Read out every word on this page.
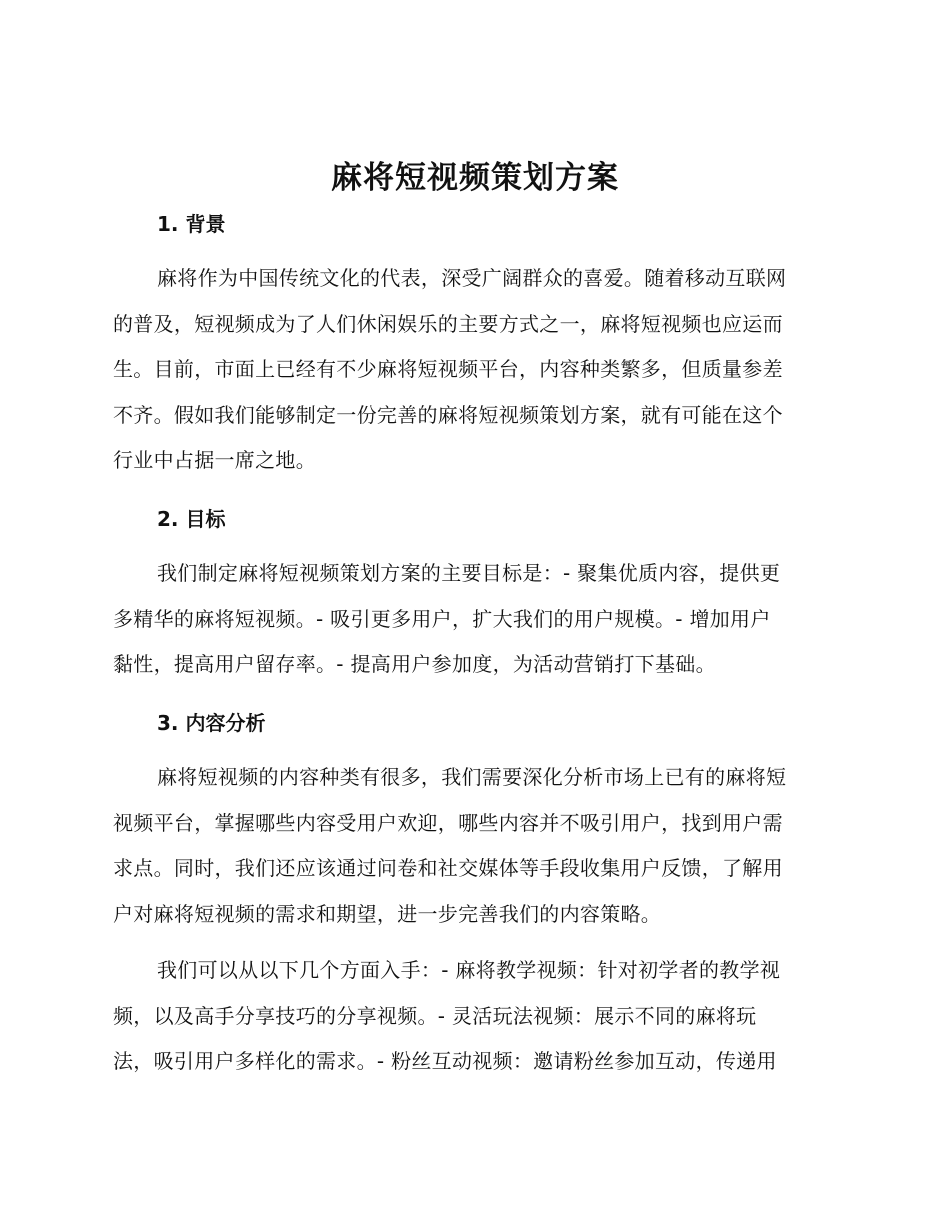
麻将短视频策划方案
1. 背景
麻将作为中国传统文化的代表，深受广阔群众的喜爱。随着移动互联网
的普及，短视频成为了人们休闲娱乐的主要方式之一，麻将短视频也应运而
生。目前，市面上已经有不少麻将短视频平台，内容种类繁多，但质量参差
不齐。假如我们能够制定一份完善的麻将短视频策划方案，就有可能在这个
行业中占据一席之地。
2. 目标
我们制定麻将短视频策划方案的主要目标是：- 聚集优质内容，提供更
多精华的麻将短视频。- 吸引更多用户，扩大我们的用户规模。- 增加用户
黏性，提高用户留存率。- 提高用户参加度，为活动营销打下基础。
3. 内容分析
麻将短视频的内容种类有很多，我们需要深化分析市场上已有的麻将短
视频平台，掌握哪些内容受用户欢迎，哪些内容并不吸引用户，找到用户需
求点。同时，我们还应该通过问卷和社交媒体等手段收集用户反馈，了解用
户对麻将短视频的需求和期望，进一步完善我们的内容策略。
我们可以从以下几个方面入手：- 麻将教学视频：针对初学者的教学视
频，以及高手分享技巧的分享视频。- 灵活玩法视频：展示不同的麻将玩
法，吸引用户多样化的需求。- 粉丝互动视频：邀请粉丝参加互动，传递用
